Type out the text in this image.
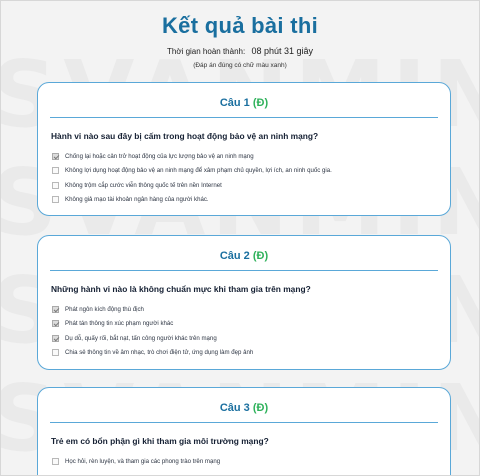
Kết quả bài thi
Thời gian hoàn thành: 08 phút 31 giây
(Đáp án đúng có chữ màu xanh)
Câu 1 (Đ)
Hành vi nào sau đây bị cấm trong hoạt động bảo vệ an ninh mạng?
Chống lại hoặc cản trở hoạt động của lực lượng bảo vệ an ninh mạng
Không lợi dụng hoạt động bảo vệ an ninh mạng để xâm phạm chủ quyền, lợi ích, an ninh quốc gia.
Không trộm cắp cước viễn thông quốc tế trên nền Internet
Không giả mạo tài khoản ngân hàng của người khác.
Câu 2 (Đ)
Những hành vi nào là không chuẩn mực khi tham gia trên mạng?
Phát ngôn kích động thù địch
Phát tán thông tin xúc phạm người khác
Dụ dỗ, quấy rối, bắt nạt, tấn công người khác trên mạng
Chia sẻ thông tin về âm nhạc, trò chơi điện tử, ứng dụng làm đẹp ảnh
Câu 3 (Đ)
Trẻ em có bổn phận gì khi tham gia môi trường mạng?
Học hỏi, rèn luyện, và tham gia các phong trào trên mạng
